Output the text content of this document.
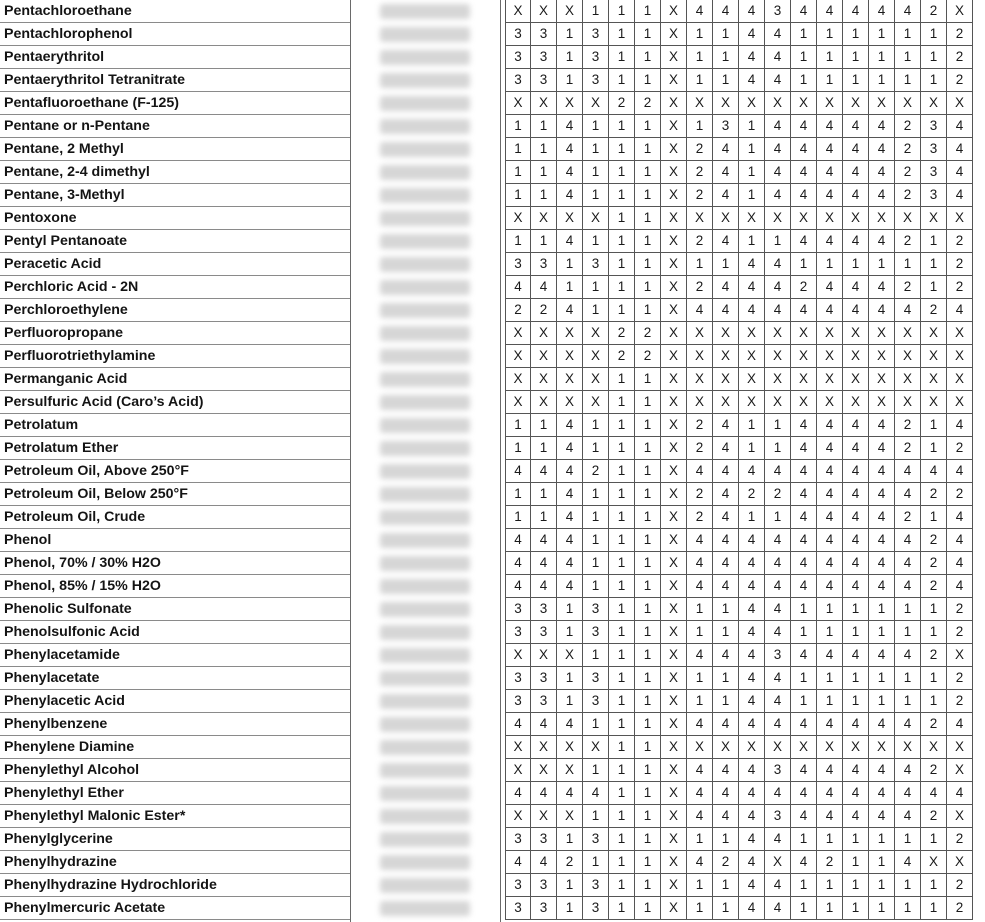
Pentachloroethane	X	X	X	1	1	1	X	4	4	4	3	4	4	4	4	4	2	X
Pentachlorophenol	3	3	1	3	1	1	X	1	1	4	4	1	1	1	1	1	1	2
Pentaerythritol	3	3	1	3	1	1	X	1	1	4	4	1	1	1	1	1	1	2
Pentaerythritol Tetranitrate	3	3	1	3	1	1	X	1	1	4	4	1	1	1	1	1	1	2
Pentafluoroethane (F-125)	X	X	X	X	2	2	X	X	X	X	X	X	X	X	X	X	X	X
Pentane or n-Pentane	1	1	4	1	1	1	X	1	3	1	4	4	4	4	4	2	3	4
Pentane, 2 Methyl	1	1	4	1	1	1	X	2	4	1	4	4	4	4	4	2	3	4
Pentane, 2-4 dimethyl	1	1	4	1	1	1	X	2	4	1	4	4	4	4	4	2	3	4
Pentane, 3-Methyl	1	1	4	1	1	1	X	2	4	1	4	4	4	4	4	2	3	4
Pentoxone	X	X	X	X	1	1	X	X	X	X	X	X	X	X	X	X	X	X
Pentyl Pentanoate	1	1	4	1	1	1	X	2	4	1	1	4	4	4	4	2	1	2
Peracetic Acid	3	3	1	3	1	1	X	1	1	4	4	1	1	1	1	1	1	2
Perchloric Acid - 2N	4	4	1	1	1	1	X	2	4	4	4	2	4	4	4	2	1	2
Perchloroethylene	2	2	4	1	1	1	X	4	4	4	4	4	4	4	4	4	2	4
Perfluoropropane	X	X	X	X	2	2	X	X	X	X	X	X	X	X	X	X	X	X
Perfluorotriethylamine	X	X	X	X	2	2	X	X	X	X	X	X	X	X	X	X	X	X
Permanganic Acid	X	X	X	X	1	1	X	X	X	X	X	X	X	X	X	X	X	X
Persulfuric Acid (Caro’s Acid)	X	X	X	X	1	1	X	X	X	X	X	X	X	X	X	X	X	X
Petrolatum	1	1	4	1	1	1	X	2	4	1	1	4	4	4	4	2	1	4
Petrolatum Ether	1	1	4	1	1	1	X	2	4	1	1	4	4	4	4	2	1	2
Petroleum Oil, Above 250°F	4	4	4	2	1	1	X	4	4	4	4	4	4	4	4	4	4	4
Petroleum Oil, Below 250°F	1	1	4	1	1	1	X	2	4	2	2	4	4	4	4	4	2	2
Petroleum Oil, Crude	1	1	4	1	1	1	X	2	4	1	1	4	4	4	4	2	1	4
Phenol	4	4	4	1	1	1	X	4	4	4	4	4	4	4	4	4	2	4
Phenol, 70% / 30% H2O	4	4	4	1	1	1	X	4	4	4	4	4	4	4	4	4	2	4
Phenol, 85% / 15% H2O	4	4	4	1	1	1	X	4	4	4	4	4	4	4	4	4	2	4
Phenolic Sulfonate	3	3	1	3	1	1	X	1	1	4	4	1	1	1	1	1	1	2
Phenolsulfonic Acid	3	3	1	3	1	1	X	1	1	4	4	1	1	1	1	1	1	2
Phenylacetamide	X	X	X	1	1	1	X	4	4	4	3	4	4	4	4	4	2	X
Phenylacetate	3	3	1	3	1	1	X	1	1	4	4	1	1	1	1	1	1	2
Phenylacetic Acid	3	3	1	3	1	1	X	1	1	4	4	1	1	1	1	1	1	2
Phenylbenzene	4	4	4	1	1	1	X	4	4	4	4	4	4	4	4	4	2	4
Phenylene Diamine	X	X	X	X	1	1	X	X	X	X	X	X	X	X	X	X	X	X
Phenylethyl Alcohol	X	X	X	1	1	1	X	4	4	4	3	4	4	4	4	4	2	X
Phenylethyl Ether	4	4	4	4	1	1	X	4	4	4	4	4	4	4	4	4	4	4
Phenylethyl Malonic Ester*	X	X	X	1	1	1	X	4	4	4	3	4	4	4	4	4	2	X
Phenylglycerine	3	3	1	3	1	1	X	1	1	4	4	1	1	1	1	1	1	2
Phenylhydrazine	4	4	2	1	1	1	X	4	2	4	X	4	2	1	1	4	X	X
Phenylhydrazine Hydrochloride	3	3	1	3	1	1	X	1	1	4	4	1	1	1	1	1	1	2
Phenylmercuric Acetate	3	3	1	3	1	1	X	1	1	4	4	1	1	1	1	1	1	2
